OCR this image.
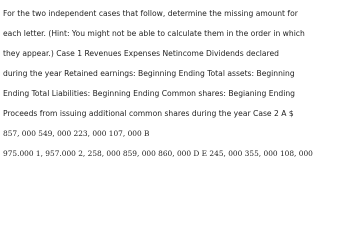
For the two independent cases that follow, determine the missing amount for
each letter. (Hint: You might not be able to calculate them in the order in which
they appear.) Case 1 Revenues Expenses Netincome Dividends declared
during the year Retained earnings: Beginning Ending Total assets: Beginning
Ending Total Liabilities: Beginning Ending Common shares: Begianing Ending
Proceeds from issuing additional common shares during the year Case 2 A $
857, 000 549, 000 223, 000 107, 000 B
975.000 1, 957.000 2, 258, 000 859, 000 860, 000 D E 245, 000 355, 000 108, 000
